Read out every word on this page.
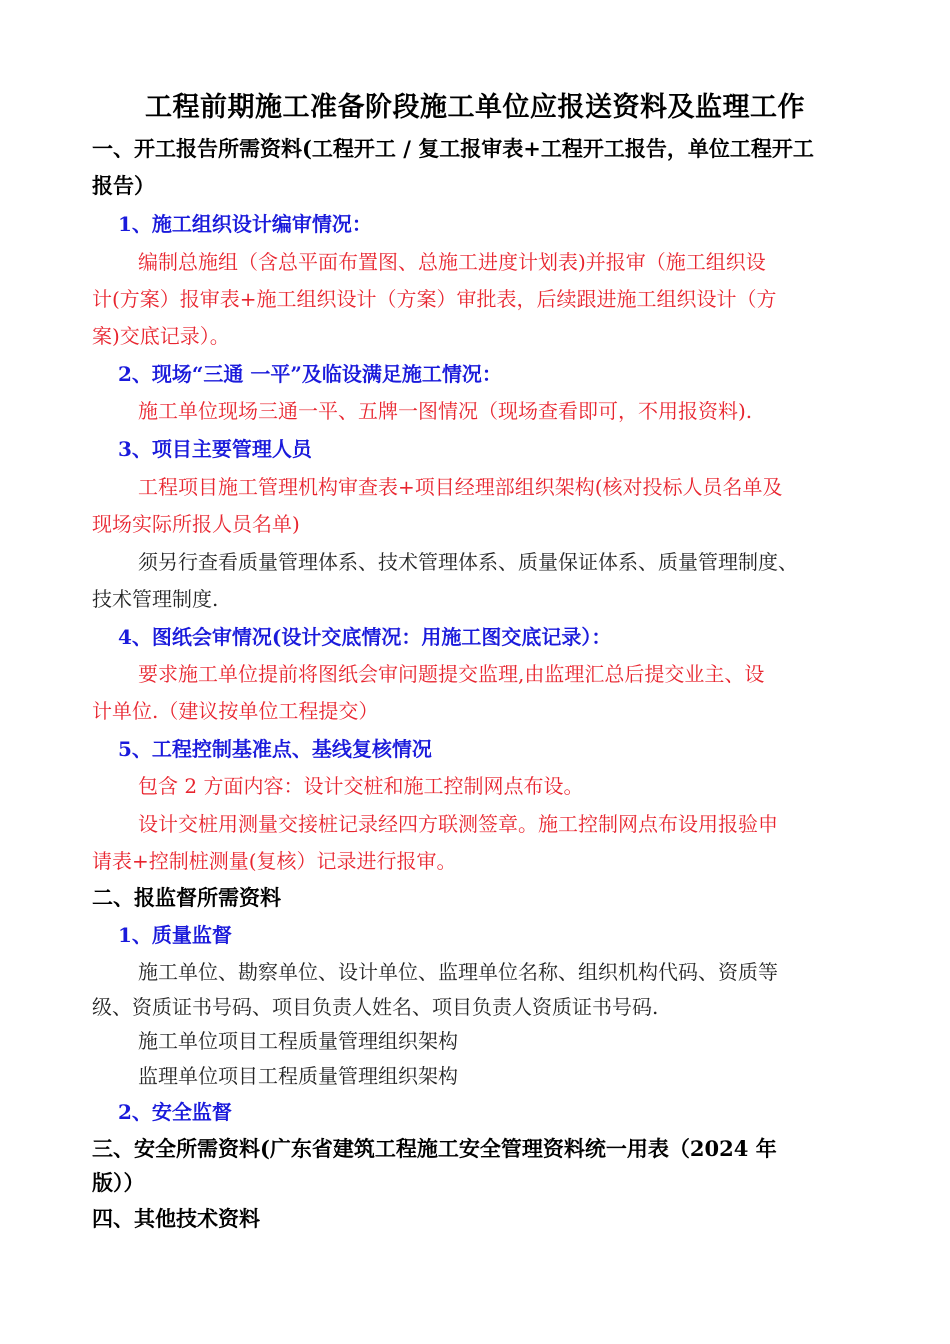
工程前期施工准备阶段施工单位应报送资料及监理工作
一、开工报告所需资料(工程开工 / 复工报审表+工程开工报告，单位工程开工
报告）
1、施工组织设计编审情况：
编制总施组（含总平面布置图、总施工进度计划表)并报审（施工组织设
计(方案）报审表+施工组织设计（方案）审批表，后续跟进施工组织设计（方
案)交底记录）。
2、现场“三通 一平”及临设满足施工情况：
施工单位现场三通一平、五牌一图情况（现场查看即可，不用报资料).
3、项目主要管理人员
工程项目施工管理机构审查表+项目经理部组织架构(核对投标人员名单及
现场实际所报人员名单)
须另行查看质量管理体系、技术管理体系、质量保证体系、质量管理制度、
技术管理制度.
4、图纸会审情况(设计交底情况：用施工图交底记录）：
要求施工单位提前将图纸会审问题提交监理,由监理汇总后提交业主、设
计单位.（建议按单位工程提交）
5、工程控制基准点、基线复核情况
包含 2 方面内容：设计交桩和施工控制网点布设。
设计交桩用测量交接桩记录经四方联测签章。施工控制网点布设用报验申
请表+控制桩测量(复核）记录进行报审。
二、报监督所需资料
1、质量监督
施工单位、勘察单位、设计单位、监理单位名称、组织机构代码、资质等
级、资质证书号码、项目负责人姓名、项目负责人资质证书号码.
施工单位项目工程质量管理组织架构
监理单位项目工程质量管理组织架构
2、安全监督
三、安全所需资料(广东省建筑工程施工安全管理资料统一用表（2024 年
版））
四、其他技术资料
